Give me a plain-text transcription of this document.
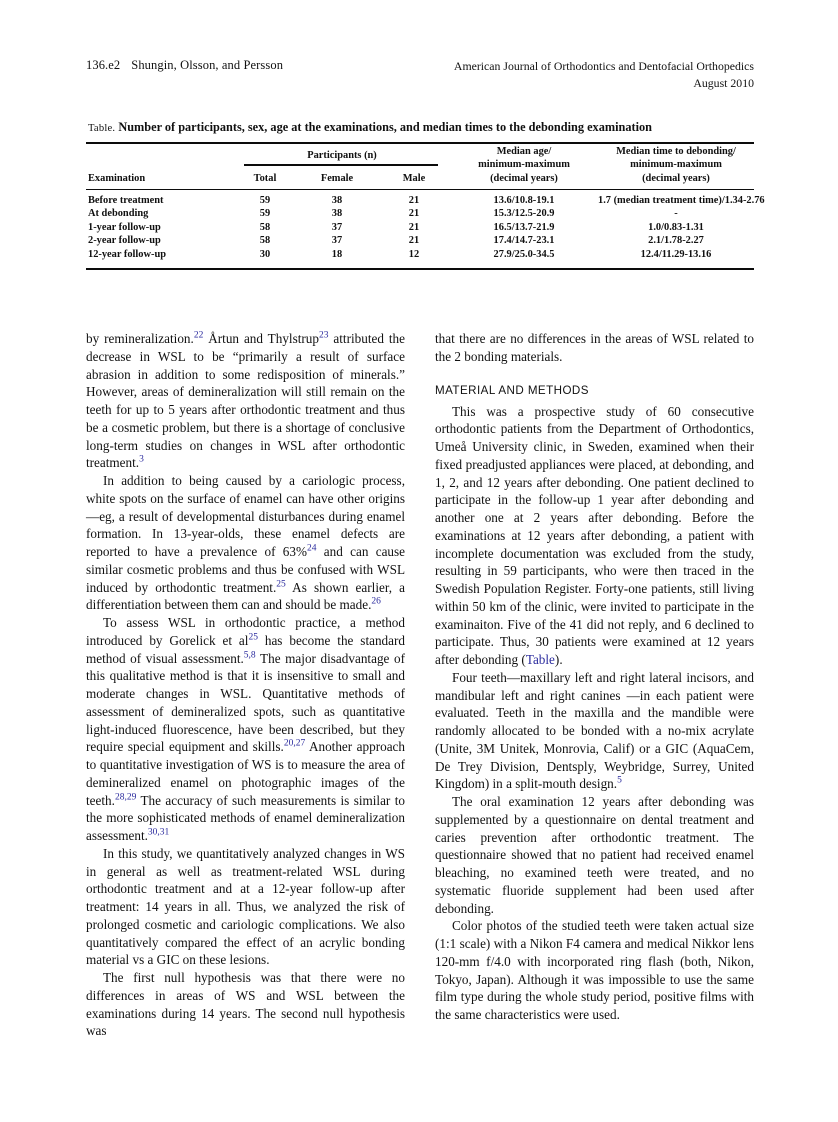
136.e2 Shungin, Olsson, and Persson	American Journal of Orthodontics and Dentofacial Orthopedics
August 2010
Table. Number of participants, sex, age at the examinations, and median times to the debonding examination

	Participants (n)	Median age/
minimum-maximum
(decimal years)

Median time to debonding/
minimum-maximum
(decimal years)

Examination	Total	Female	Male		

Before treatment	59	38	21	13.6/10.8-19.1	1.7 (median treatment time)/1.34-2.76
At debonding	59	38	21	15.3/12.5-20.9	-
1-year follow-up	58	37	21	16.5/13.7-21.9	1.0/0.83-1.31
2-year follow-up	58	37	21	17.4/14.7-23.1	2.1/1.78-2.27
12-year follow-up	30	18	12	27.9/25.0-34.5	12.4/11.29-13.16

by remineralization.$^{22}$ Årtun and Thylstrup$^{23}$ attributed the decrease in WSL to be “primarily a result of surface abrasion in addition to some redisposition of minerals.” However, areas of demineralization will still remain on the teeth for up to 5 years after orthodontic treatment and thus be a cosmetic problem, but there is a shortage of conclusive long-term studies on changes in WSL after orthodontic treatment.$^3$

In addition to being caused by a cariologic process, white spots on the surface of enamel can have other origins—eg, a result of developmental disturbances during enamel formation. In 13-year-olds, these enamel defects are reported to have a prevalence of 63%$^{24}$ and can cause similar cosmetic problems and thus be confused with WSL induced by orthodontic treatment.$^{25}$ As shown earlier, a differentiation between them can and should be made.$^{26}$

To assess WSL in orthodontic practice, a method introduced by Gorelick et al$^{25}$ has become the standard method of visual assessment.$^{5,8}$ The major disadvantage of this qualitative method is that it is insensitive to small and moderate changes in WSL. Quantitative methods of assessment of demineralized spots, such as quantitative light-induced fluorescence, have been described, but they require special equipment and skills.$^{20,27}$ Another approach to quantitative investigation of WS is to measure the area of demineralized enamel on photographic images of the teeth.$^{28,29}$ The accuracy of such measurements is similar to the more sophisticated methods of enamel demineralization assessment.$^{30,31}$

In this study, we quantitatively analyzed changes in WS in general as well as treatment-related WSL during orthodontic treatment and at a 12-year follow-up after treatment: 14 years in all. Thus, we analyzed the risk of prolonged cosmetic and cariologic complications. We also quantitatively compared the effect of an acrylic bonding material vs a GIC on these lesions.

The first null hypothesis was that there were no differences in areas of WS and WSL between the examinations during 14 years. The second null hypothesis was

that there are no differences in the areas of WSL related to the 2 bonding materials.

MATERIAL AND METHODS

This was a prospective study of 60 consecutive orthodontic patients from the Department of Orthodontics, Umeå University clinic, in Sweden, examined when their fixed preadjusted appliances were placed, at debonding, and 1, 2, and 12 years after debonding. One patient declined to participate in the follow-up 1 year after debonding and another one at 2 years after debonding. Before the examinations at 12 years after debonding, a patient with incomplete documentation was excluded from the study, resulting in 59 participants, who were then traced in the Swedish Population Register. Forty-one patients, still living within 50 km of the clinic, were invited to participate in the examinaiton. Five of the 41 did not reply, and 6 declined to participate. Thus, 30 patients were examined at 12 years after debonding (Table).

Four teeth—maxillary left and right lateral incisors, and mandibular left and right canines —in each patient were evaluated. Teeth in the maxilla and the mandible were randomly allocated to be bonded with a no-mix acrylate (Unite, 3M Unitek, Monrovia, Calif) or a GIC (AquaCem, De Trey Division, Dentsply, Weybridge, Surrey, United Kingdom) in a split-mouth design.$^5$

The oral examination 12 years after debonding was supplemented by a questionnaire on dental treatment and caries prevention after orthodontic treatment. The questionnaire showed that no patient had received enamel bleaching, no examined teeth were treated, and no systematic fluoride supplement had been used after debonding.

Color photos of the studied teeth were taken actual size (1:1 scale) with a Nikon F4 camera and medical Nikkor lens 120-mm f/4.0 with incorporated ring flash (both, Nikon, Tokyo, Japan). Although it was impossible to use the same film type during the whole study period, positive films with the same characteristics were used.
